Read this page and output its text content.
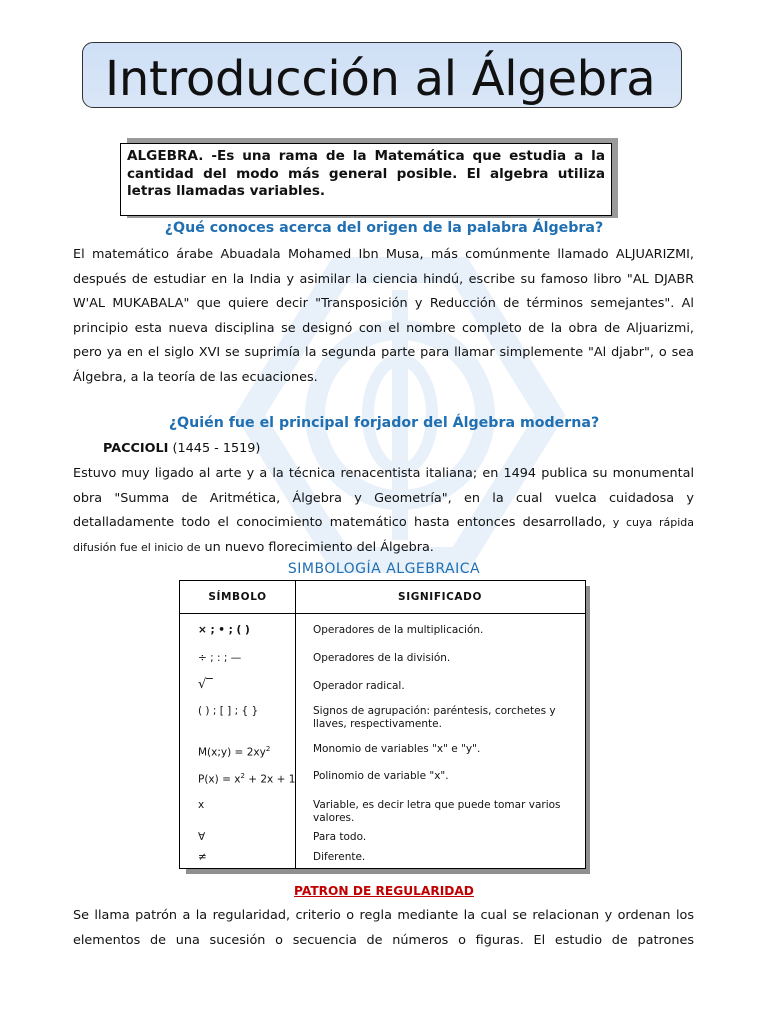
Introducción al Álgebra
ALGEBRA. -Es una rama de la Matemática que estudia a la
cantidad del modo más general posible. El algebra utiliza
letras llamadas variables.

¿Qué conoces acerca del origen de la palabra Álgebra?

El matemático árabe Abuadala Mohamed Ibn Musa, más comúnmente llamado ALJUARIZMI,
después de estudiar en la India y asimilar la ciencia hindú, escribe su famoso libro "AL DJABR
W'AL MUKABALA" que quiere decir "Transposición y Reducción de términos semejantes". Al
principio esta nueva disciplina se designó con el nombre completo de la obra de Aljuarizmi,
pero ya en el siglo XVI se suprimía la segunda parte para llamar simplemente "Al djabr", o sea
Álgebra, a la teoría de las ecuaciones.

¿Quién fue el principal forjador del Álgebra moderna?

PACCIOLI (1445 - 1519)
Estuvo muy ligado al arte y a la técnica renacentista italiana; en 1494 publica su monumental
obra "Summa de Aritmética, Álgebra y Geometría", en la cual vuelca cuidadosa y
detalladamente todo el conocimiento matemático hasta entonces desarrollado, y cuya rápida
difusión fue el inicio de un nuevo florecimiento del Álgebra.

SIMBOLOGÍA ALGEBRAICA

SÍMBOLO	SIGNIFICADO
× ; • ; ( )	Operadores de la multiplicación.
÷ ; : ; —	Operadores de la división.
√‾	Operador radical.
( ) ; [ ] ; { }	Signos de agrupación: paréntesis, corchetes y llaves, respectivamente.
M(x;y) = $2xy^2$	Monomio de variables "x" e "y".
$P(x) = x^2 + 2x + 1$ Polinomio de variable "x".
x	Variable, es decir letra que puede tomar varios valores.
∀	Para todo.
≠	Diferente.

PATRON DE REGULARIDAD

Se llama patrón a la regularidad, criterio o regla mediante la cual se relacionan y ordenan los
elementos de una sucesión o secuencia de números o figuras. El estudio de patrones
